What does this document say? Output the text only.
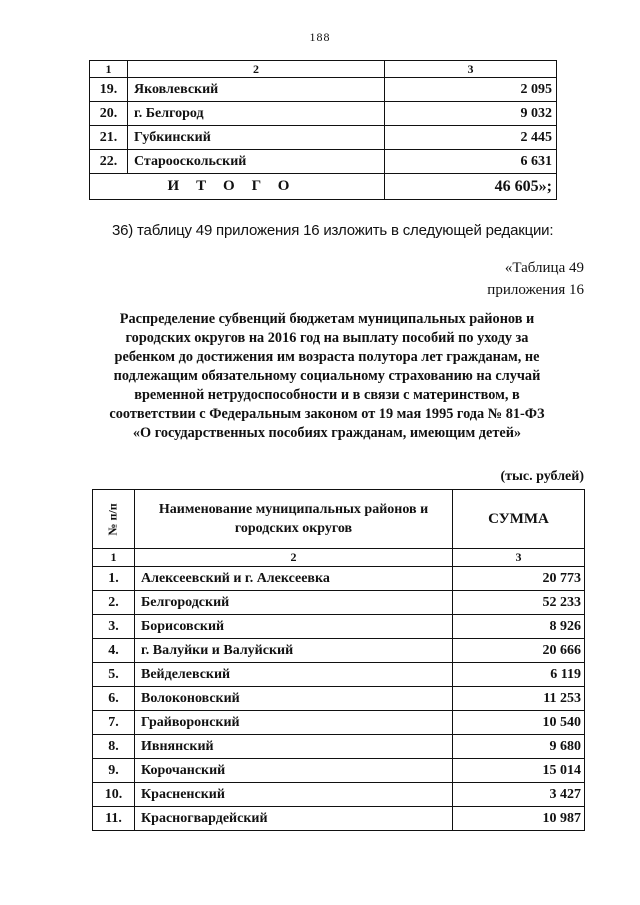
188
1	2	3
19.	Яковлевский	2 095
20.	г. Белгород	9 032
21.	Губкинский	2 445
22.	Старооскольский	6 631
ИТОГО		46 605»;
36) таблицу 49 приложения 16 изложить в следующей редакции:
«Таблица 49
приложения 16
Распределение субвенций бюджетам муниципальных районов и
городских округов на 2016 год на выплату пособий по уходу за
ребенком до достижения им возраста полутора лет гражданам, не
подлежащим обязательному социальному страхованию на случай
временной нетрудоспособности и в связи с материнством, в
соответствии с Федеральным законом от 19 мая 1995 года № 81-ФЗ
«О государственных пособиях гражданам, имеющим детей»
(тыс. рублей)
№ п/п	Наименование муниципальных районов и
городских округов	СУММА
1	2	3
1.	Алексеевский и г. Алексеевка	20 773
2.	Белгородский	52 233
3.	Борисовский	8 926
4.	г. Валуйки и Валуйский	20 666
5.	Вейделевский	6 119
6.	Волоконовский	11 253
7.	Грайворонский	10 540
8.	Ивнянский	9 680
9.	Корочанский	15 014
10.	Красненский	3 427
11.	Красногвардейский	10 987
